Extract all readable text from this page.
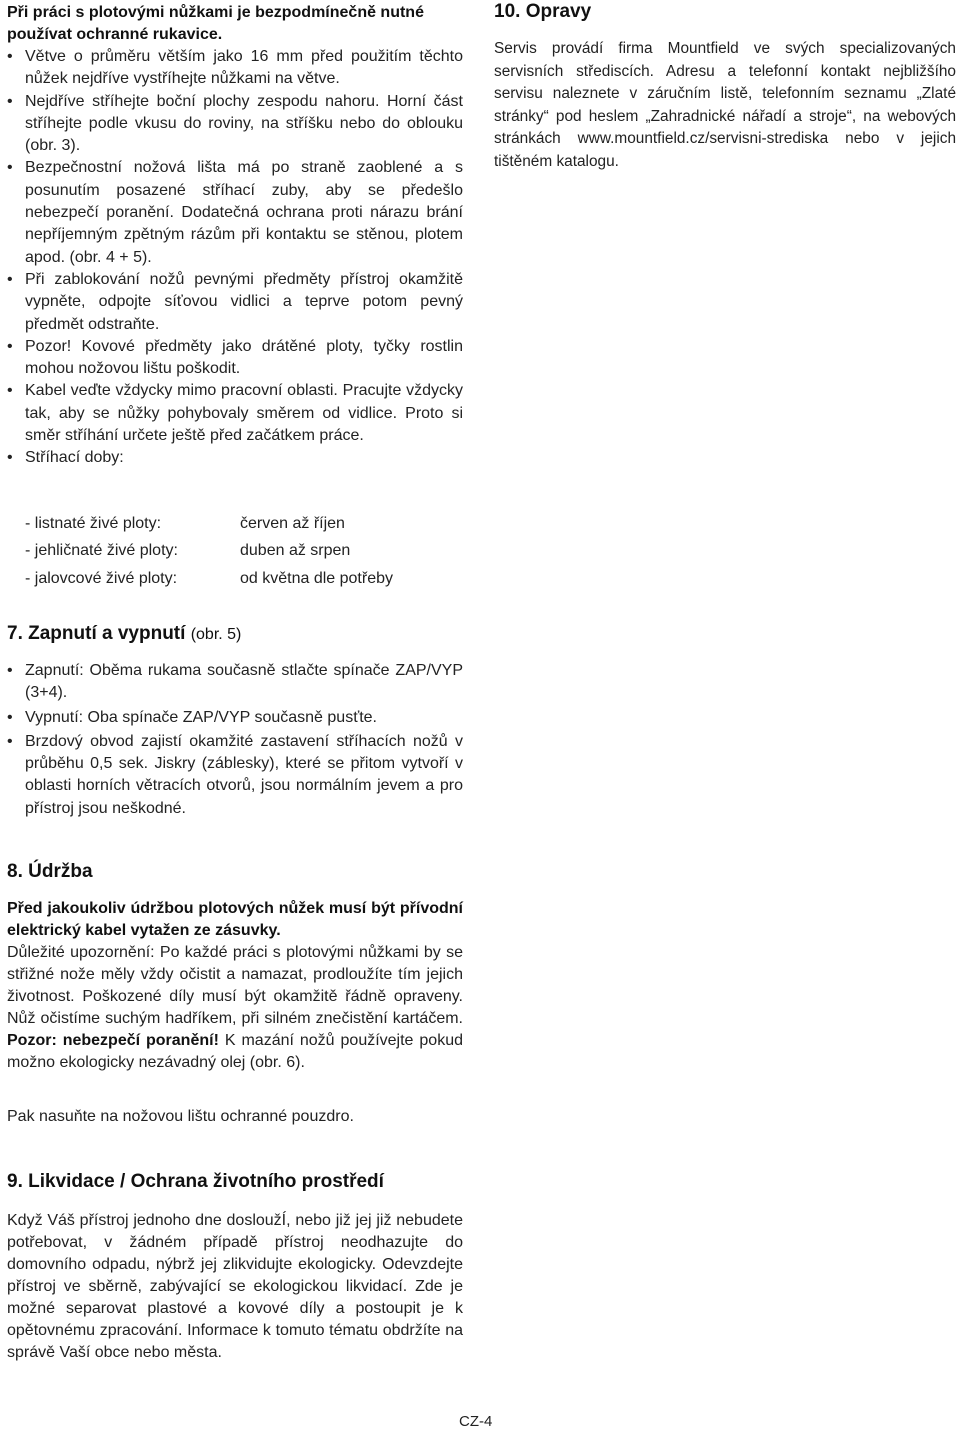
Při práci s plotovými nůžkami je bezpodmínečně nutné používat ochranné rukavice.

• Větve o průměru větším jako 16 mm před použitím těchto nůžek nejdříve vystříhejte nůžkami na větve.
• Nejdříve stříhejte boční plochy zespodu nahoru. Horní část stříhejte podle vkusu do roviny, na stříšku nebo do oblouku (obr. 3).
• Bezpečnostní nožová lišta má po straně zaoblené a s posunutím posazené stříhací zuby, aby se předešlo nebezpečí poranění. Dodatečná ochrana proti nárazu brání nepříjemným zpětným rázům při kontaktu se stěnou, plotem apod. (obr. 4 + 5).
• Při zablokování nožů pevnými předměty přístroj okamžitě vypněte, odpojte síťovou vidlici a teprve potom pevný předmět odstraňte.
• Pozor! Kovové předměty jako drátěné ploty, tyčky rostlin mohou nožovou lištu poškodit.
• Kabel veďte vždycky mimo pracovní oblasti. Pracujte vždycky tak, aby se nůžky pohybovaly směrem od vidlice. Proto si směr stříhání určete ještě před začátkem práce.
• Stříhací doby:
- listnaté živé ploty:	červen až říjen
- jehličnaté živé ploty:	duben až srpen
- jalovcové živé ploty:	od května dle potřeby
7. Zapnutí a vypnutí (obr. 5)
• Zapnutí: Oběma rukama současně stlačte spínače ZAP/VYP (3+4).
• Vypnutí: Oba spínače ZAP/VYP současně pusťte.
• Brzdový obvod zajistí okamžité zastavení stříhacích nožů v průběhu 0,5 sek. Jiskry (záblesky), které se přitom vytvoří v oblasti horních větracích otvorů, jsou normálním jevem a pro přístroj jsou neškodné.
8. Údržba

Před jakoukoliv údržbou plotových nůžek musí být přívodní elektrický kabel vytažen ze zásuvky.

Důležité upozornění: Po každé práci s plotovými nůžkami by se střižné nože měly vždy očistit a namazat, prodloužíte tím jejich životnost. Poškozené díly musí být okamžitě řádně opraveny. Nůž očistíme suchým hadříkem, při silném znečistění kartáčem. Pozor: nebezpečí poranění! K mazání nožů používejte pokud možno ekologicky nezávadný olej (obr. 6).

Pak nasuňte na nožovou lištu ochranné pouzdro.

9. Likvidace / Ochrana životního prostředí

Když Váš přístroj jednoho dne dosloužÍ, nebo již jej již nebudete potřebovat, v žádném případě přístroj neodhazujte do domovního odpadu, nýbrž jej zlikvidujte ekologicky. Odevzdejte přístroj ve sběrně, zabývající se ekologickou likvidací. Zde je možné separovat plastové a kovové díly a postoupit je k opětovnému zpracování. Informace k tomuto tématu obdržíte na správě Vaší obce nebo města.

10. Opravy

Servis provádí firma Mountfield ve svých specializovaných servisních střediscích. Adresu a telefonní kontakt nejbližšího servisu naleznete v záručním listě, telefonním seznamu „Zlaté stránky“ pod heslem „Zahradnické nářadí a stroje“, na webových stránkách www.mountfield.cz/servisni-strediska nebo v jejich tištěném katalogu.

CZ-4
